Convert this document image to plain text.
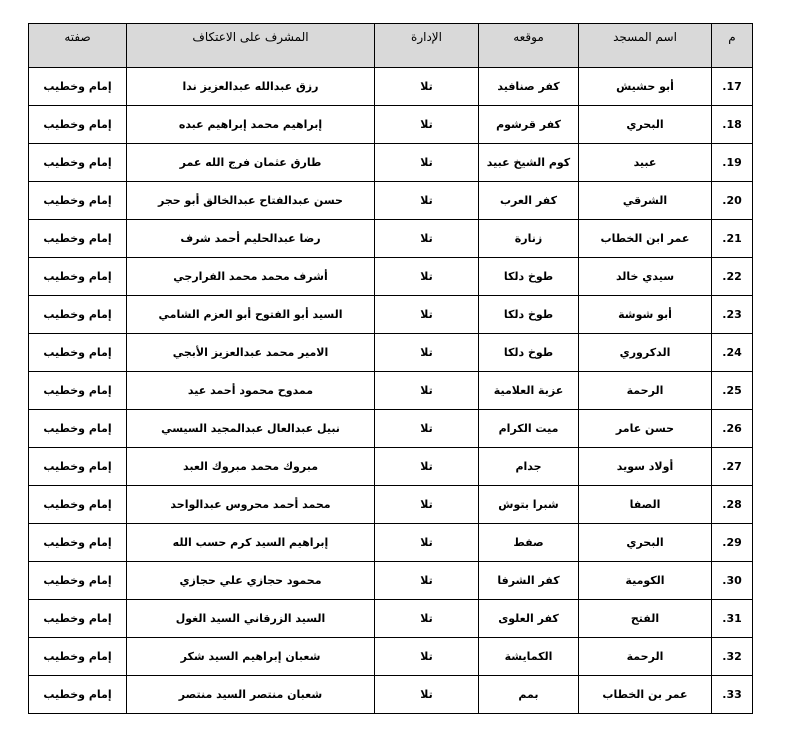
م	اسم المسجد	موقعه	الإدارة	المشرف على الاعتكاف	صفته
17.	أبو حشيش	كفر صنافيد	تلا	رزق عبدالله عبدالعزيز ندا	إمام وخطيب
18.	البحري	كفر قرشوم	تلا	إبراهيم محمد إبراهيم عبده	إمام وخطيب
19.	عبيد	كوم الشيخ عبيد	تلا	طارق عثمان فرج الله عمر	إمام وخطيب
20.	الشرقي	كفر العرب	تلا	حسن عبدالفتاح عبدالخالق أبو حجر	إمام وخطيب
21.	عمر ابن الخطاب	زنارة	تلا	رضا عبدالحليم أحمد شرف	إمام وخطيب
22.	سيدي خالد	طوخ دلكا	تلا	أشرف محمد محمد الفرارجي	إمام وخطيب
23.	أبو شوشة	طوخ دلكا	تلا	السيد أبو الفتوح أبو العزم الشامي	إمام وخطيب
24.	الدكروري	طوخ دلكا	تلا	الامير محمد عبدالعزيز الأبجي	إمام وخطيب
25.	الرحمة	عزبة العلامية	تلا	ممدوح محمود أحمد عيد	إمام وخطيب
26.	حسن عامر	ميت الكرام	تلا	نبيل عبدالعال عبدالمجيد السيسي	إمام وخطيب
27.	أولاد سويد	جدام	تلا	مبروك محمد مبروك العبد	إمام وخطيب
28.	الصفا	شبرا بتوش	تلا	محمد أحمد محروس عبدالواحد	إمام وخطيب
29.	البحري	صفط	تلا	إبراهيم السيد كرم حسب الله	إمام وخطيب
30.	الكومية	كفر الشرفا	تلا	محمود حجازي علي حجازي	إمام وخطيب
31.	الفتح	كفر العلوى	تلا	السيد الزرقاني السيد الغول	إمام وخطيب
32.	الرحمة	الكمايشة	تلا	شعبان إبراهيم السيد شكر	إمام وخطيب
33.	عمر بن الخطاب	بمم	تلا	شعبان منتصر السيد منتصر	إمام وخطيب
